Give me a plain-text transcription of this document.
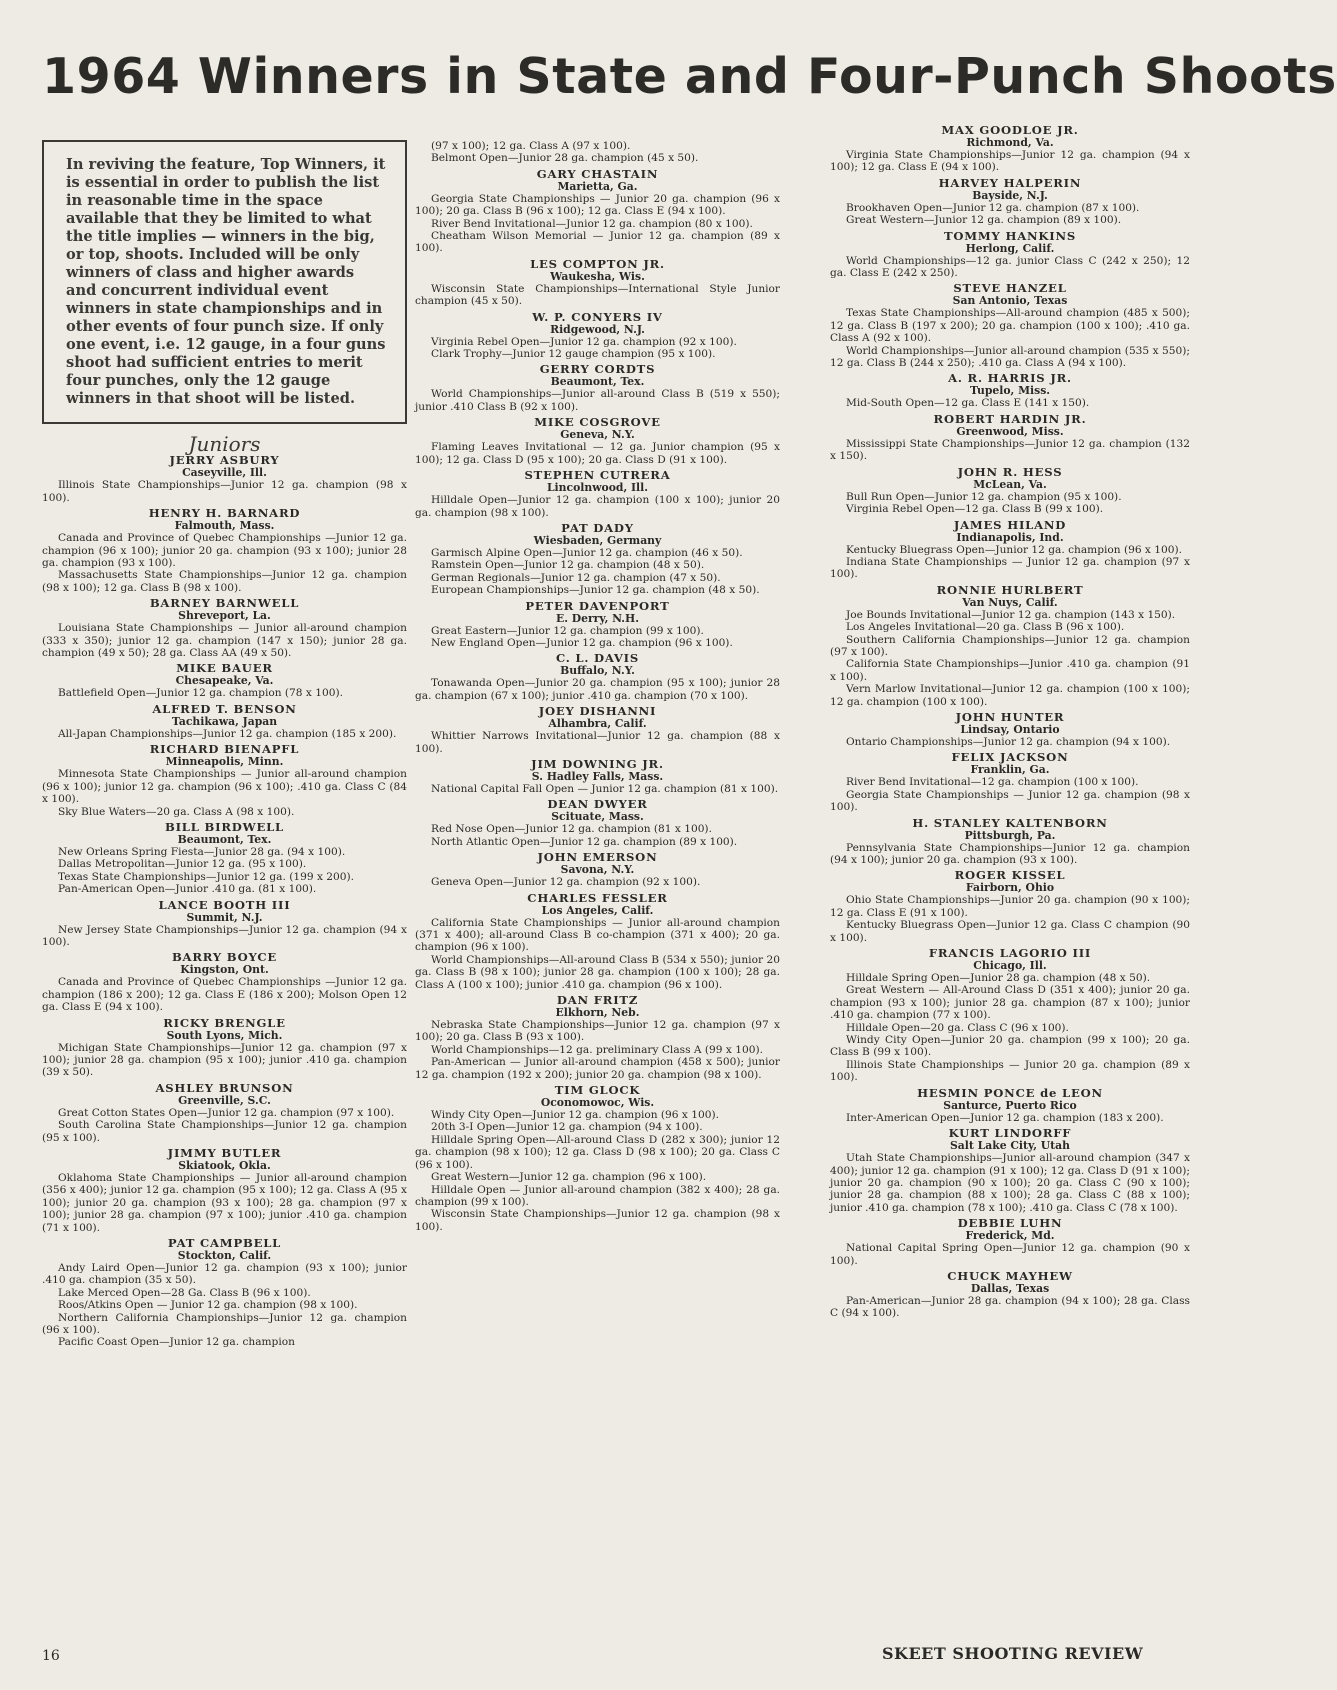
1964 Winners in State and Four-Punch Shoots
In reviving the feature, Top Winners, it is essential in order to publish the list in reasonable time in the space available that they be limited to what the title implies — winners in the big, or top, shoots. Included will be only winners of class and higher awards and concurrent individual event winners in state championships and in other events of four punch size. If only one event, i.e. 12 gauge, in a four guns shoot had sufficient entries to merit four punches, only the 12 gauge winners in that shoot will be listed.
Juniors
JERRY ASBURY
Caseyville, Ill.

Illinois State Championships—Junior 12 ga. champion (98 x 100).

HENRY H. BARNARD
Falmouth, Mass.

Canada and Province of Quebec Championships —Junior 12 ga. champion (96 x 100); junior 20 ga. champion (93 x 100); junior 28 ga. champion (93 x 100).

Massachusetts State Championships—Junior 12 ga. champion (98 x 100); 12 ga. Class B (98 x 100).

BARNEY BARNWELL
Shreveport, La.

Louisiana State Championships — Junior all-around champion (333 x 350); junior 12 ga. champion (147 x 150); junior 28 ga. champion (49 x 50); 28 ga. Class AA (49 x 50).

MIKE BAUER
Chesapeake, Va.

Battlefield Open—Junior 12 ga. champion (78 x 100).

ALFRED T. BENSON
Tachikawa, Japan

All-Japan Championships—Junior 12 ga. champion (185 x 200).

RICHARD BIENAPFL
Minneapolis, Minn.

Minnesota State Championships — Junior all-around champion (96 x 100); junior 12 ga. champion (96 x 100); .410 ga. Class C (84 x 100).

Sky Blue Waters—20 ga. Class A (98 x 100).

BILL BIRDWELL
Beaumont, Tex.

New Orleans Spring Fiesta—Junior 28 ga. (94 x 100).

Dallas Metropolitan—Junior 12 ga. (95 x 100).

Texas State Championships—Junior 12 ga. (199 x 200).

Pan-American Open—Junior .410 ga. (81 x 100).

LANCE BOOTH III
Summit, N.J.

New Jersey State Championships—Junior 12 ga. champion (94 x 100).

BARRY BOYCE
Kingston, Ont.

Canada and Province of Quebec Championships —Junior 12 ga. champion (186 x 200); 12 ga. Class E (186 x 200); Molson Open 12 ga. Class E (94 x 100).

RICKY BRENGLE
South Lyons, Mich.

Michigan State Championships—Junior 12 ga. champion (97 x 100); junior 28 ga. champion (95 x 100); junior .410 ga. champion (39 x 50).

ASHLEY BRUNSON
Greenville, S.C.

Great Cotton States Open—Junior 12 ga. champion (97 x 100).

South Carolina State Championships—Junior 12 ga. champion (95 x 100).

JIMMY BUTLER
Skiatook, Okla.

Oklahoma State Championships — Junior all-around champion (356 x 400); junior 12 ga. champion (95 x 100); 12 ga. Class A (95 x 100); junior 20 ga. champion (93 x 100); 28 ga. champion (97 x 100); junior 28 ga. champion (97 x 100); junior .410 ga. champion (71 x 100).

PAT CAMPBELL
Stockton, Calif.

Andy Laird Open—Junior 12 ga. champion (93 x 100); junior .410 ga. champion (35 x 50).

Lake Merced Open—28 Ga. Class B (96 x 100).

Roos/Atkins Open — Junior 12 ga. champion (98 x 100).

Northern California Championships—Junior 12 ga. champion (96 x 100).

Pacific Coast Open—Junior 12 ga. champion

(97 x 100); 12 ga. Class A (97 x 100).

Belmont Open—Junior 28 ga. champion (45 x 50).

GARY CHASTAIN
Marietta, Ga.

Georgia State Championships — Junior 20 ga. champion (96 x 100); 20 ga. Class B (96 x 100); 12 ga. Class E (94 x 100).

River Bend Invitational—Junior 12 ga. champion (80 x 100).

Cheatham Wilson Memorial — Junior 12 ga. champion (89 x 100).

LES COMPTON JR.
Waukesha, Wis.

Wisconsin State Championships—International Style Junior champion (45 x 50).

W. P. CONYERS IV
Ridgewood, N.J.

Virginia Rebel Open—Junior 12 ga. champion (92 x 100).

Clark Trophy—Junior 12 gauge champion (95 x 100).

GERRY CORDTS
Beaumont, Tex.

World Championships—Junior all-around Class B (519 x 550); junior .410 Class B (92 x 100).

MIKE COSGROVE
Geneva, N.Y.

Flaming Leaves Invitational — 12 ga. Junior champion (95 x 100); 12 ga. Class D (95 x 100); 20 ga. Class D (91 x 100).

STEPHEN CUTRERA
Lincolnwood, Ill.

Hilldale Open—Junior 12 ga. champion (100 x 100); junior 20 ga. champion (98 x 100).

PAT DADY
Wiesbaden, Germany

Garmisch Alpine Open—Junior 12 ga. champion (46 x 50).

Ramstein Open—Junior 12 ga. champion (48 x 50).

German Regionals—Junior 12 ga. champion (47 x 50).

European Championships—Junior 12 ga. champion (48 x 50).

PETER DAVENPORT
E. Derry, N.H.

Great Eastern—Junior 12 ga. champion (99 x 100).

New England Open—Junior 12 ga. champion (96 x 100).

C. L. DAVIS
Buffalo, N.Y.

Tonawanda Open—Junior 20 ga. champion (95 x 100); junior 28 ga. champion (67 x 100); junior .410 ga. champion (70 x 100).

JOEY DISHANNI
Alhambra, Calif.

Whittier Narrows Invitational—Junior 12 ga. champion (88 x 100).

JIM DOWNING JR.
S. Hadley Falls, Mass.

National Capital Fall Open — Junior 12 ga. champion (81 x 100).

DEAN DWYER
Scituate, Mass.

Red Nose Open—Junior 12 ga. champion (81 x 100).

North Atlantic Open—Junior 12 ga. champion (89 x 100).

JOHN EMERSON
Savona, N.Y.

Geneva Open—Junior 12 ga. champion (92 x 100).

CHARLES FESSLER
Los Angeles, Calif.

California State Championships — Junior all-around champion (371 x 400); all-around Class B co-champion (371 x 400); 20 ga. champion (96 x 100).

World Championships—All-around Class B (534 x 550); junior 20 ga. Class B (98 x 100); junior 28 ga. champion (100 x 100); 28 ga. Class A (100 x 100); junior .410 ga. champion (96 x 100).

DAN FRITZ
Elkhorn, Neb.

Nebraska State Championships—Junior 12 ga. champion (97 x 100); 20 ga. Class B (93 x 100).

World Championships—12 ga. preliminary Class A (99 x 100).

Pan-American — Junior all-around champion (458 x 500); junior 12 ga. champion (192 x 200); junior 20 ga. champion (98 x 100).

TIM GLOCK
Oconomowoc, Wis.

Windy City Open—Junior 12 ga. champion (96 x 100).

20th 3-I Open—Junior 12 ga. champion (94 x 100).

Hilldale Spring Open—All-around Class D (282 x 300); junior 12 ga. champion (98 x 100); 12 ga. Class D (98 x 100); 20 ga. Class C (96 x 100).

Great Western—Junior 12 ga. champion (96 x 100).

Hilldale Open — Junior all-around champion (382 x 400); 28 ga. champion (99 x 100).

Wisconsin State Championships—Junior 12 ga. champion (98 x 100).

MAX GOODLOE JR.
Richmond, Va.

Virginia State Championships—Junior 12 ga. champion (94 x 100); 12 ga. Class E (94 x 100).

HARVEY HALPERIN
Bayside, N.J.

Brookhaven Open—Junior 12 ga. champion (87 x 100).

Great Western—Junior 12 ga. champion (89 x 100).

TOMMY HANKINS
Herlong, Calif.

World Championships—12 ga. junior Class C (242 x 250); 12 ga. Class E (242 x 250).

STEVE HANZEL
San Antonio, Texas

Texas State Championships—All-around champion (485 x 500); 12 ga. Class B (197 x 200); 20 ga. champion (100 x 100); .410 ga. Class A (92 x 100).

World Championships—Junior all-around champion (535 x 550); 12 ga. Class B (244 x 250); .410 ga. Class A (94 x 100).

A. R. HARRIS JR.
Tupelo, Miss.

Mid-South Open—12 ga. Class E (141 x 150).

ROBERT HARDIN JR.
Greenwood, Miss.

Mississippi State Championships—Junior 12 ga. champion (132 x 150).

JOHN R. HESS
McLean, Va.

Bull Run Open—Junior 12 ga. champion (95 x 100).

Virginia Rebel Open—12 ga. Class B (99 x 100).

JAMES HILAND
Indianapolis, Ind.

Kentucky Bluegrass Open—Junior 12 ga. champion (96 x 100).

Indiana State Championships — Junior 12 ga. champion (97 x 100).

RONNIE HURLBERT
Van Nuys, Calif.

Joe Bounds Invitational—Junior 12 ga. champion (143 x 150).

Los Angeles Invitational—20 ga. Class B (96 x 100).

Southern California Championships—Junior 12 ga. champion (97 x 100).

California State Championships—Junior .410 ga. champion (91 x 100).

Vern Marlow Invitational—Junior 12 ga. champion (100 x 100); 12 ga. champion (100 x 100).

JOHN HUNTER
Lindsay, Ontario

Ontario Championships—Junior 12 ga. champion (94 x 100).

FELIX JACKSON
Franklin, Ga.

River Bend Invitational—12 ga. champion (100 x 100).

Georgia State Championships — Junior 12 ga. champion (98 x 100).

H. STANLEY KALTENBORN
Pittsburgh, Pa.

Pennsylvania State Championships—Junior 12 ga. champion (94 x 100); junior 20 ga. champion (93 x 100).

ROGER KISSEL
Fairborn, Ohio

Ohio State Championships—Junior 20 ga. champion (90 x 100); 12 ga. Class E (91 x 100).

Kentucky Bluegrass Open—Junior 12 ga. Class C champion (90 x 100).

FRANCIS LAGORIO III
Chicago, Ill.

Hilldale Spring Open—Junior 28 ga. champion (48 x 50).

Great Western — All-Around Class D (351 x 400); junior 20 ga. champion (93 x 100); junior 28 ga. champion (87 x 100); junior .410 ga. champion (77 x 100).

Hilldale Open—20 ga. Class C (96 x 100).

Windy City Open—Junior 20 ga. champion (99 x 100); 20 ga. Class B (99 x 100).

Illinois State Championships — Junior 20 ga. champion (89 x 100).

HESMIN PONCE de LEON
Santurce, Puerto Rico

Inter-American Open—Junior 12 ga. champion (183 x 200).

KURT LINDORFF
Salt Lake City, Utah

Utah State Championships—Junior all-around champion (347 x 400); junior 12 ga. champion (91 x 100); 12 ga. Class D (91 x 100); junior 20 ga. champion (90 x 100); 20 ga. Class C (90 x 100); junior 28 ga. champion (88 x 100); 28 ga. Class C (88 x 100); junior .410 ga. champion (78 x 100); .410 ga. Class C (78 x 100).

DEBBIE LUHN
Frederick, Md.

National Capital Spring Open—Junior 12 ga. champion (90 x 100).

CHUCK MAYHEW
Dallas, Texas

Pan-American—Junior 28 ga. champion (94 x 100); 28 ga. Class C (94 x 100).

16	SKEET SHOOTING REVIEW
